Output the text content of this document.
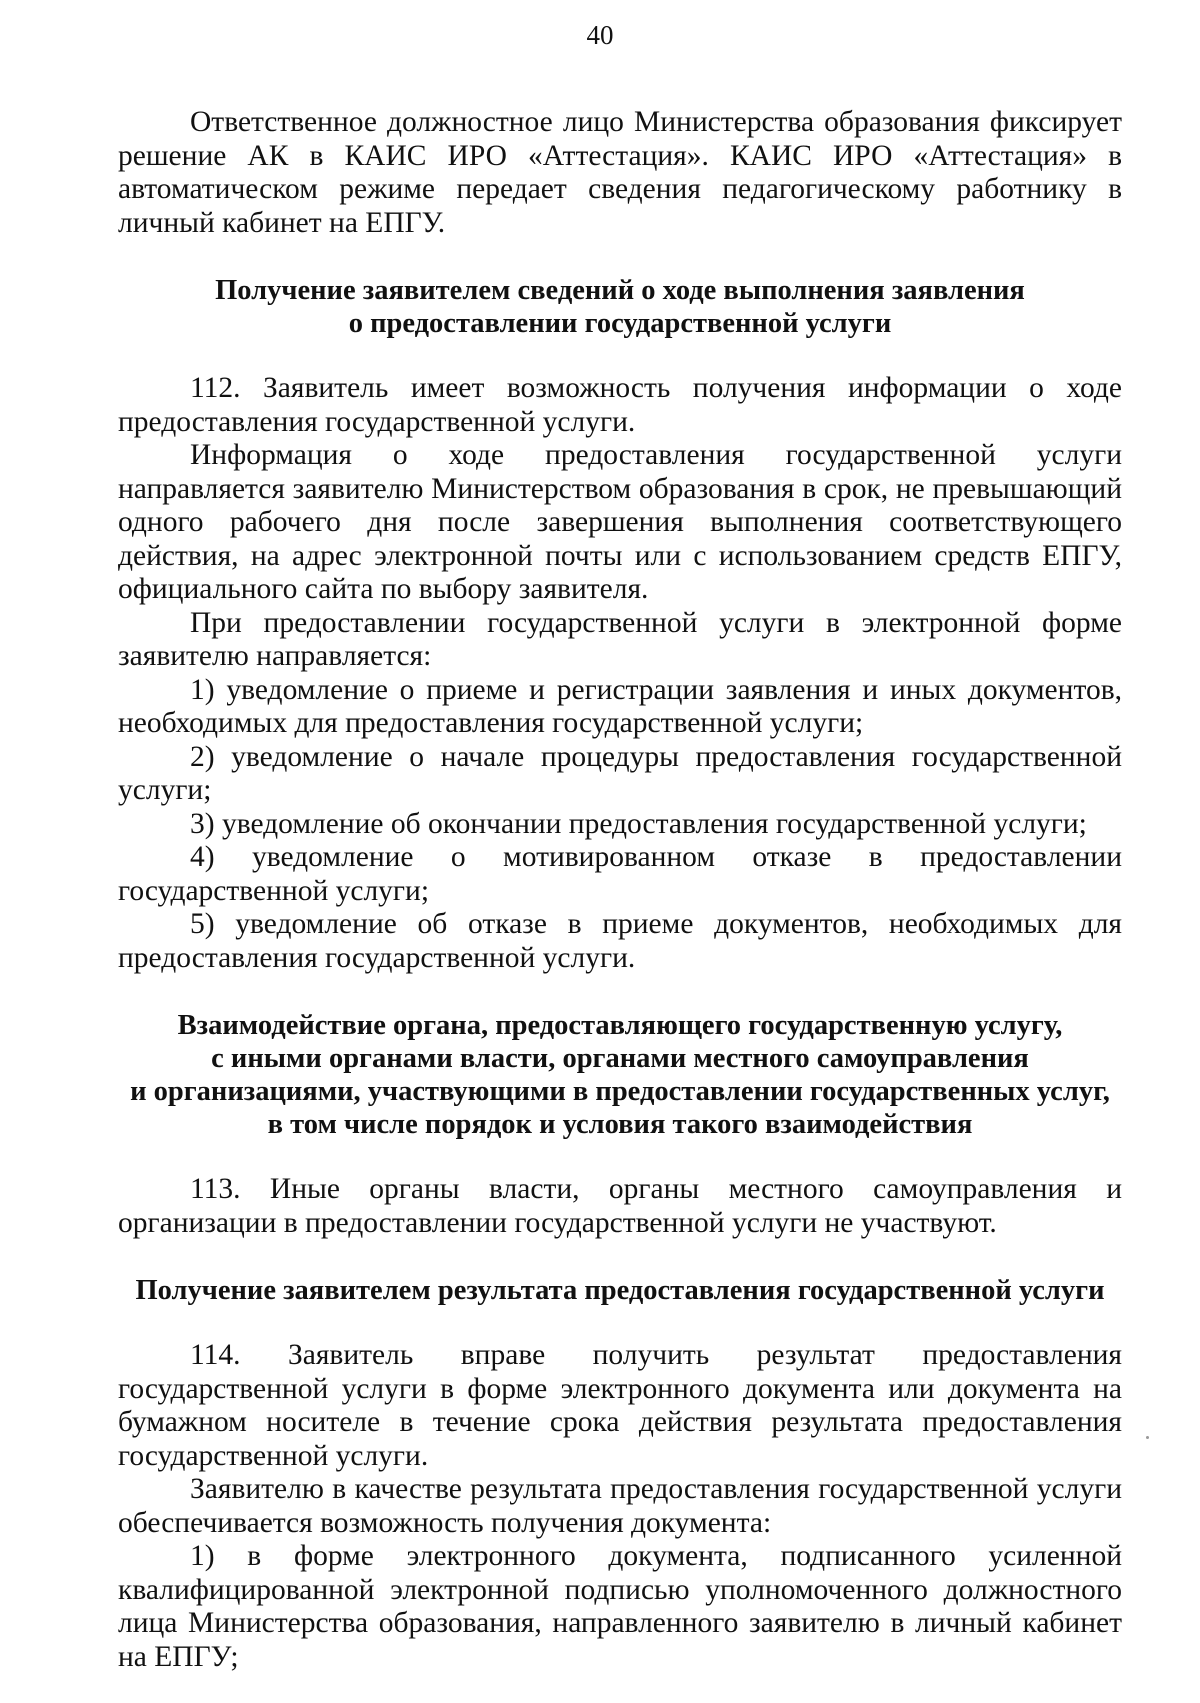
40

Ответственное должностное лицо Министерства образования фиксирует решение АК в КАИС ИРО «Аттестация». КАИС ИРО «Аттестация» в автоматическом режиме передает сведения педагогическому работнику в личный кабинет на ЕПГУ.

Получение заявителем сведений о ходе выполнения заявления
о предоставлении государственной услуги

112. Заявитель имеет возможность получения информации о ходе предоставления государственной услуги.

Информация о ходе предоставления государственной услуги направляется заявителю Министерством образования в срок, не превышающий одного рабочего дня после завершения выполнения соответствующего действия, на адрес электронной почты или с использованием средств ЕПГУ, официального сайта по выбору заявителя.

При предоставлении государственной услуги в электронной форме заявителю направляется:

1) уведомление о приеме и регистрации заявления и иных документов, необходимых для предоставления государственной услуги;

2) уведомление о начале процедуры предоставления государственной услуги;

3) уведомление об окончании предоставления государственной услуги;

4) уведомление о мотивированном отказе в предоставлении государственной услуги;

5) уведомление об отказе в приеме документов, необходимых для предоставления государственной услуги.

Взаимодействие органа, предоставляющего государственную услугу,
с иными органами власти, органами местного самоуправления
и организациями, участвующими в предоставлении государственных услуг,
в том числе порядок и условия такого взаимодействия

113. Иные органы власти, органы местного самоуправления и организации в предоставлении государственной услуги не участвуют.

Получение заявителем результата предоставления государственной услуги

114. Заявитель вправе получить результат предоставления государственной услуги в форме электронного документа или документа на бумажном носителе в течение срока действия результата предоставления государственной услуги.

Заявителю в качестве результата предоставления государственной услуги обеспечивается возможность получения документа:

1) в форме электронного документа, подписанного усиленной квалифицированной электронной подписью уполномоченного должностного лица Министерства образования, направленного заявителю в личный кабинет на ЕПГУ;
